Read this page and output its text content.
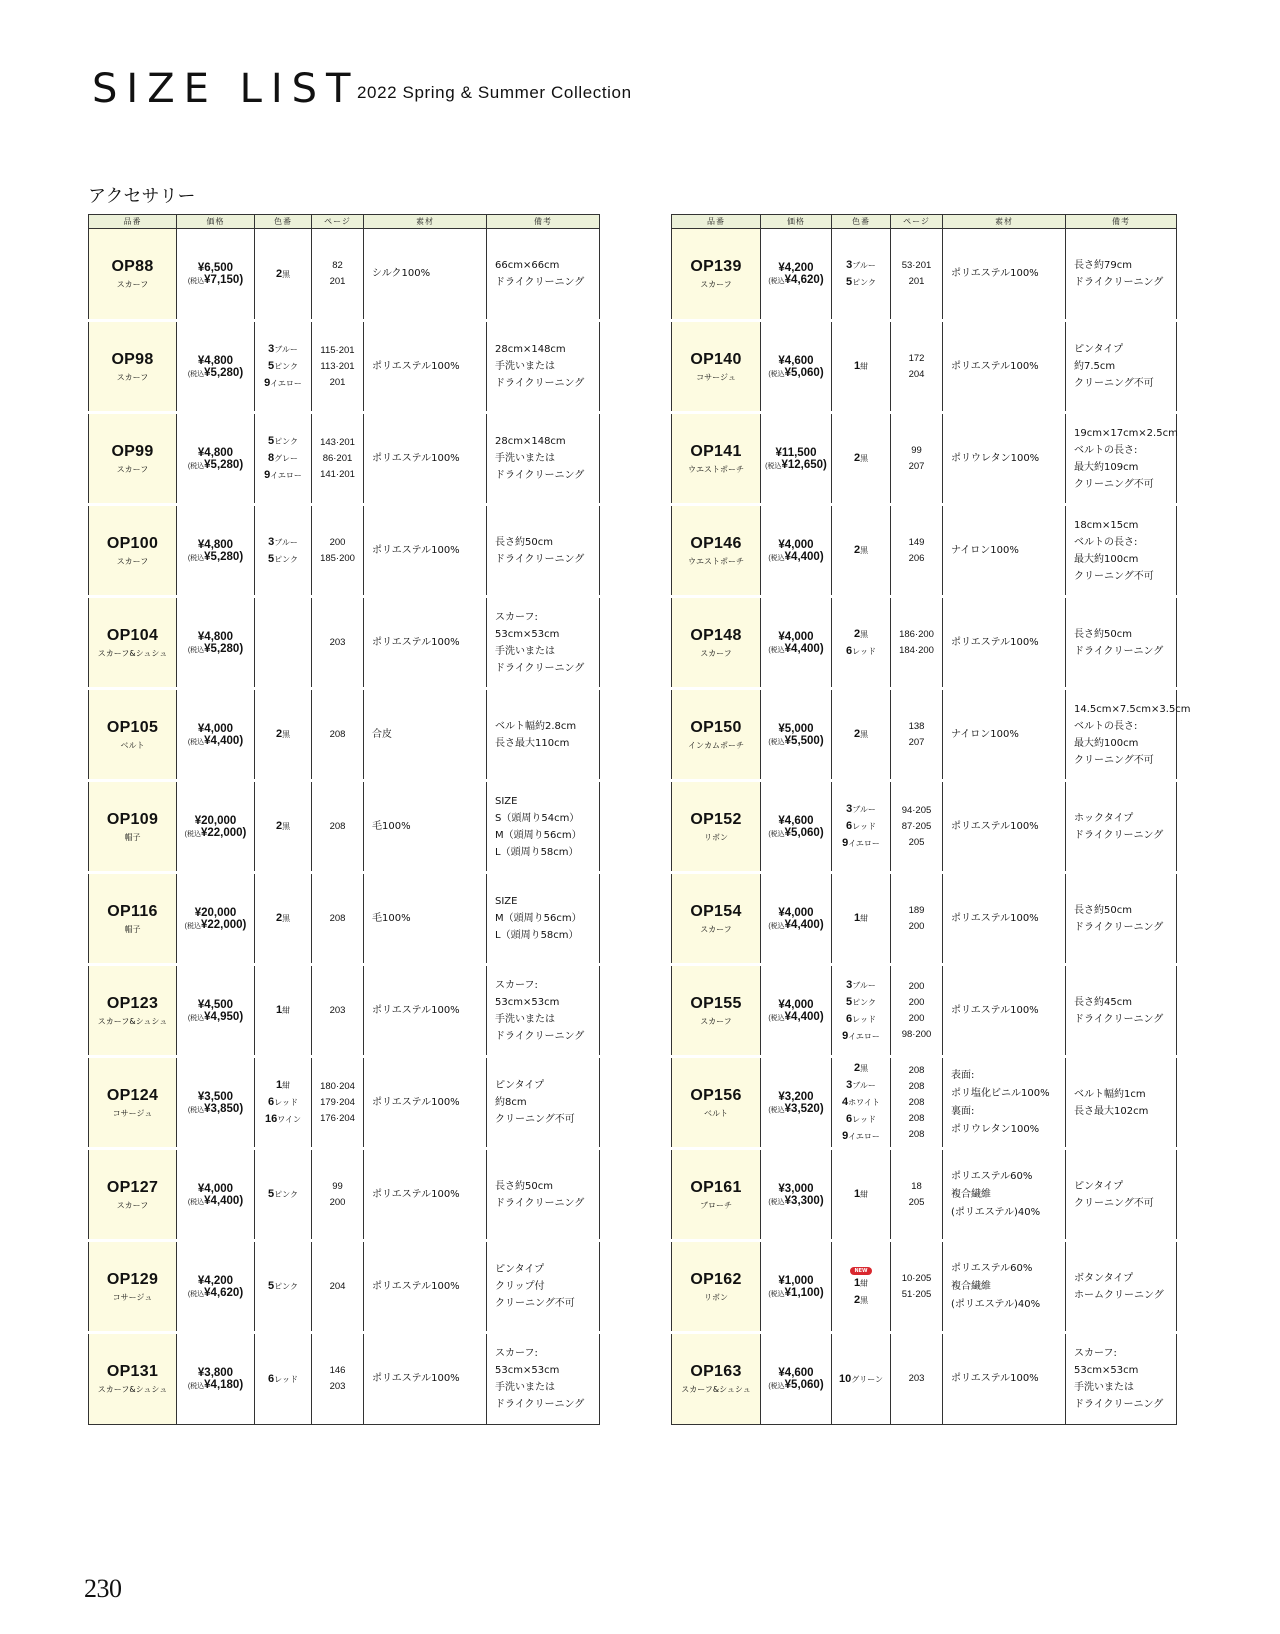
SIZE LIST
2022 Spring & Summer Collection
アクセサリー
品番	価格	色番	ページ	素材	備考

OP88
スカーフ	¥6,500
(税込¥7,150)	2黒	82
201	シルク100%	66cm×66cm
ドライクリーニング

OP98
スカーフ	¥4,800
(税込¥5,280)	3ブルー
5ピンク
9イエロー	115·201
113·201
201	ポリエステル100%	28cm×148cm
手洗いまたは
ドライクリーニング

OP99
スカーフ	¥4,800
(税込¥5,280)	5ピンク
8グレー
9イエロー	143·201
86·201
141·201	ポリエステル100%	28cm×148cm
手洗いまたは
ドライクリーニング

OP100
スカーフ	¥4,800
(税込¥5,280)	3ブルー
5ピンク	200
185·200	ポリエステル100%	長さ約50cm
ドライクリーニング

OP104
スカーフ&シュシュ	¥4,800
(税込¥5,280)		203	ポリエステル100%	スカーフ:
53cm×53cm
手洗いまたは
ドライクリーニング

OP105
ベルト	¥4,000
(税込¥4,400)	2黒	208	合皮	ベルト幅約2.8cm
長さ最大110cm

OP109
帽子	¥20,000
(税込¥22,000)	2黒	208	毛100%	SIZE
S（頭周り54cm）
M（頭周り56cm）
L（頭周り58cm）

OP116
帽子	¥20,000
(税込¥22,000)	2黒	208	毛100%	SIZE
M（頭周り56cm）
L（頭周り58cm）

OP123
スカーフ&シュシュ	¥4,500
(税込¥4,950)	1紺	203	ポリエステル100%	スカーフ:
53cm×53cm
手洗いまたは
ドライクリーニング

OP124
コサージュ	¥3,500
(税込¥3,850)	1紺
6レッド
16ワイン	180·204
179·204
176·204	ポリエステル100%	ピンタイプ
約8cm
クリーニング不可

OP127
スカーフ	¥4,000
(税込¥4,400)	5ピンク	99
200	ポリエステル100%	長さ約50cm
ドライクリーニング

OP129
コサージュ	¥4,200
(税込¥4,620)	5ピンク	204	ポリエステル100%	ピンタイプ
クリップ付
クリーニング不可

OP131
スカーフ&シュシュ	¥3,800
(税込¥4,180)	6レッド	146
203	ポリエステル100%	スカーフ:
53cm×53cm
手洗いまたは
ドライクリーニング
品番	価格	色番	ページ	素材	備考

OP139
スカーフ	¥4,200
(税込¥4,620)	3ブルー
5ピンク	53·201
201	ポリエステル100%	長さ約79cm
ドライクリーニング

OP140
コサージュ	¥4,600
(税込¥5,060)	1紺	172
204	ポリエステル100%	ピンタイプ
約7.5cm
クリーニング不可

OP141
ウエストポーチ	¥11,500
(税込¥12,650)	2黒	99
207	ポリウレタン100%	19cm×17cm×2.5cm
ベルトの長さ:
最大約109cm
クリーニング不可

OP146
ウエストポーチ	¥4,000
(税込¥4,400)	2黒	149
206	ナイロン100%	18cm×15cm
ベルトの長さ:
最大約100cm
クリーニング不可

OP148
スカーフ	¥4,000
(税込¥4,400)	2黒
6レッド	186·200
184·200	ポリエステル100%	長さ約50cm
ドライクリーニング

OP150
インカムポーチ	¥5,000
(税込¥5,500)	2黒	138
207	ナイロン100%	14.5cm×7.5cm×3.5cm
ベルトの長さ:
最大約100cm
クリーニング不可

OP152
リボン	¥4,600
(税込¥5,060)	3ブルー
6レッド
9イエロー	94·205
87·205
205	ポリエステル100%	ホックタイプ
ドライクリーニング

OP154
スカーフ	¥4,000
(税込¥4,400)	1紺	189
200	ポリエステル100%	長さ約50cm
ドライクリーニング

OP155
スカーフ	¥4,000
(税込¥4,400)	3ブルー
5ピンク
6レッド
9イエロー	200
200
200
98·200	ポリエステル100%	長さ約45cm
ドライクリーニング

OP156
ベルト	¥3,200
(税込¥3,520)	2黒
3ブルー
4ホワイト
6レッド
9イエロー	208
208
208
208
208	表面:
ポリ塩化ビニル100%
裏面:
ポリウレタン100%	ベルト幅約1cm
長さ最大102cm

OP161
ブローチ	¥3,000
(税込¥3,300)	1紺	18
205	ポリエステル60%
複合繊維
(ポリエステル)40%	ピンタイプ
クリーニング不可

OP162
リボン	¥1,000
(税込¥1,100)	NEW
1紺
2黒	10·205
51·205	ポリエステル60%
複合繊維
(ポリエステル)40%	ボタンタイプ
ホームクリーニング

OP163
スカーフ&シュシュ	¥4,600
(税込¥5,060)	10グリーン	203	ポリエステル100%	スカーフ:
53cm×53cm
手洗いまたは
ドライクリーニング
230
